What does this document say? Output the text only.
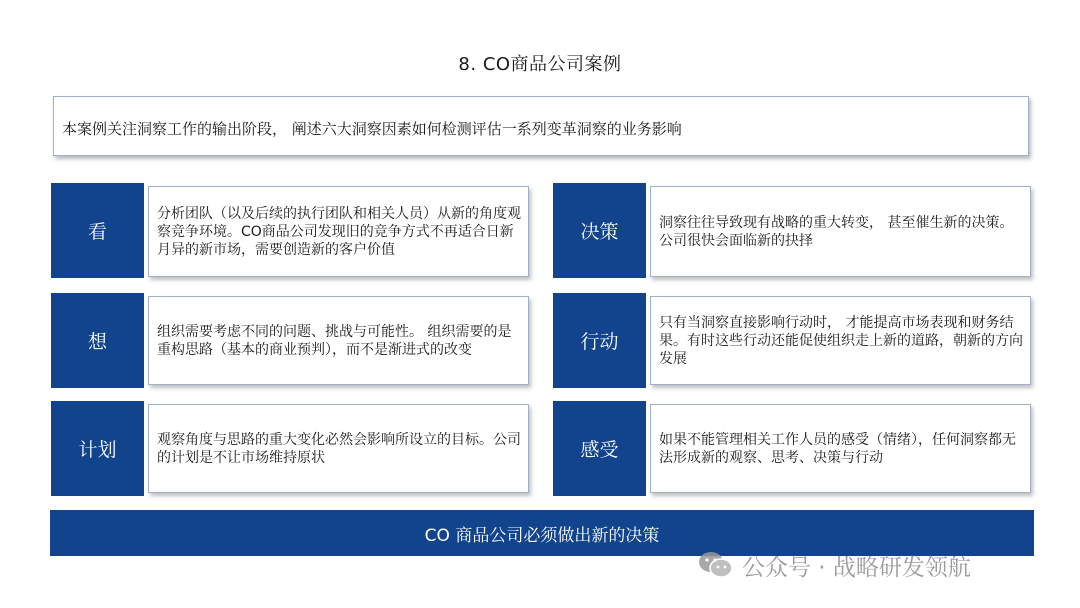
8. CO商品公司案例
本案例关注洞察工作的输出阶段， 阐述六大洞察因素如何检测评估一系列变革洞察的业务影响
看
分析团队（以及后续的执行团队和相关人员）从新的角度观察竞争环境。CO商品公司发现旧的竞争方式不再适合日新月异的新市场，需要创造新的客户价值
想	组织需要考虑不同的问题、挑战与可能性。 组织需要的是重构思路（基本的商业预判），而不是渐进式的改变
计划	观察角度与思路的重大变化必然会影响所设立的目标。公司的计划是不让市场维持原状
决策	洞察往往导致现有战略的重大转变， 甚至催生新的决策。公司很快会面临新的抉择
行动
只有当洞察直接影响行动时， 才能提高市场表现和财务结果。有时这些行动还能促使组织走上新的道路，朝新的方向发展
感受	如果不能管理相关工作人员的感受（情绪），任何洞察都无法形成新的观察、思考、决策与行动
CO 商品公司必须做出新的决策
公众号 · 战略研发领航
